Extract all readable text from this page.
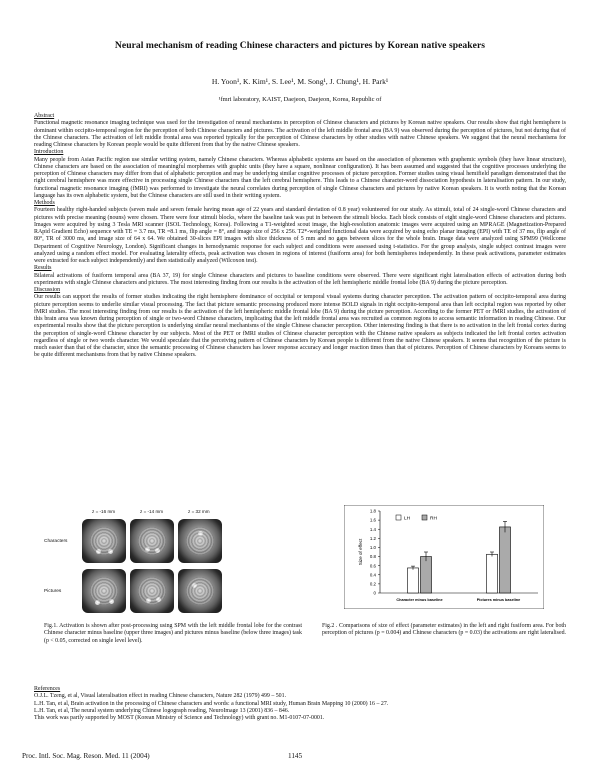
Neural mechanism of reading Chinese characters and pictures by Korean native speakers
H. Yoon¹, K. Kim¹, S. Lee¹, M. Song¹, J. Chung¹, H. Park¹
¹fmri laboratory, KAIST, Daejeon, Daejeon, Korea, Republic of
Abstract
Functional magnetic resonance imaging technique was used for the investigation of neural mechanisms in perception of Chinese characters and pictures by Korean native speakers. Our results show that right hemisphere is dominant within occipito-temporal region for the perception of both Chinese characters and pictures. The activation of the left middle frontal area (BA 9) was observed during the perception of pictures, but not during that of the Chinese characters. The activation of left middle frontal area was reported typically for the perception of Chinese characters by other studies with native Chinese speakers. We suggest that the neural mechanisms for reading Chinese characters by Korean people would be quite different from that by the native Chinese speakers.
Introduction
Many people from Asian Pacific region use similar writing system, namely Chinese characters. Whereas alphabetic systems are based on the association of phonemes with graphemic symbols (they have linear structure), Chinese characters are based on the association of meaningful morphemes with graphic units (they have a square, nonlinear configuration). It has been assumed and suggested that the cognitive processes underlying the perception of Chinese characters may differ from that of alphabetic perception and may be underlying similar cognitive processes of picture perception. Former studies using visual hemifield paradigm demonstrated that the right cerebral hemisphere was more effective in processing single Chinese characters than the left cerebral hemisphere. This leads to a Chinese character-word dissociation hypothesis in lateralisation pattern. In our study, functional magnetic resonance imaging (fMRI) was performed to investigate the neural correlates during perception of single Chinese characters and pictures by native Korean speakers. It is worth noting that the Korean language has its own alphabetic system, but the Chinese characters are still used in their writing system.
Methods
Fourteen healthy right-handed subjects (seven male and seven female having mean age of 22 years and standard deviation of 0.8 year) volunteered for our study. As stimuli, total of 24 single-word Chinese characters and pictures with precise meaning (nouns) were chosen. There were four stimuli blocks, where the baseline task was put in between the stimuli blocks. Each block consists of eight single-word Chinese characters and pictures. Images were acquired by using 3 Tesla MRI scanner (ISOL Technology, Korea). Following a T1-weighted scout image, the high-resolution anatomic images were acquired using an MPRAGE (Magnetization-Prepared RApid Gradient Echo) sequence with TE = 3.7 ms, TR =8.1 ms, flip angle = 8°, and image size of 256 x 256. T2*-weighted functional data were acquired by using echo planar imaging (EPI) with TE of 37 ms, flip angle of 80°, TR of 3000 ms, and image size of 64 x 64. We obtained 30-slices EPI images with slice thickness of 5 mm and no gaps between slices for the whole brain. Image data were analyzed using SPM99 (Wellcome Department of Cognitive Neurology, London). Significant changes in hemodynamic response for each subject and conditions were assessed using t-statistics. For the group analysis, single subject contrast images were analyzed using a random effect model. For evaluating laterality effects, peak activation was chosen in regions of interest (fusiform area) for both hemispheres independently. In these peak activations, parameter estimates were extracted for each subject independently) and then statistically analyzed (Wilcoxon test).
Results
Bilateral activations of fusiform temporal area (BA 37, 19) for single Chinese characters and pictures to baseline conditions were observed. There were significant right lateralisation effects of activation during both experiments with single Chinese characters and pictures. The most interesting finding from our results is the activation of the left hemispheric middle frontal lobe (BA 9) during the picture perception.
Discussion
Our results can support the results of former studies indicating the right hemisphere dominance of occipital or temporal visual systems during character perception. The activation pattern of occipito-temporal area during picture perception seems to underlie similar visual processing. The fact that picture semantic processing produced more intense BOLD signals in right occipito-temporal area than left occipital region was reported by other fMRI studies. The most interesting finding from our results is the activation of the left hemispheric middle frontal lobe (BA 9) during the picture perception. According to the former PET or fMRI studies, the activation of this brain area was known during perception of single or two-word Chinese characters, implicating that the left middle frontal area was recruited as common regions to access semantic information in reading Chinese. Our experimental results show that the picture perception is underlying similar neural mechanisms of the single Chinese character perception. Other interesting finding is that there is no activation in the left frontal cortex during the perception of single-word Chinese character by our subjects. Most of the PET or fMRI studies of Chinese character perception with the Chinese native speakers as subjects indicated the left frontal cortex activation regardless of single or two words character. We would speculate that the perceiving pattern of Chinese characters by Korean people is different from the native Chinese speakers. It seems that recognition of the picture is much easier than that of the character, since the semantic processing of Chinese characters has lower response accuracy and longer reaction times than that of pictures. Perception of Chinese characters by Koreans seems to be quite different mechanisms from that by native Chinese speakers.
z = -16 mm	z = -14 mm	z = 32 mm
Characters
Pictures	0
0.2
0.4
0.6
0.8
1.0
1.2
1.4
1.6
1.8
Size of effect
Character minus baseline	Pictures minus baseline
LH	RH
Fig.1. Activation is shown after post-processing using SPM with the left middle frontal lobe for the contrast Chinese character minus baseline (upper three images) and pictures minus baseline (below three images) task (p < 0.05, corrected on single level level).
Fig.2 . Comparisons of size of effect (parameter estimates) in the left and right fusiform area. For both perception of pictures (p = 0.004) and Chinese characters (p = 0.03) the activations are right lateralised.
References
O.J.L. Tzeng, et al, Visual lateralisation effect in reading Chinese characters, Nature 282 (1979) 499 – 501.
L.H. Tan, et al, Brain activation in the processing of Chinese characters and words: a functional MRI study, Human Brain Mapping 10 (2000) 16 – 27.
L.H. Tan, et al, The neural system underlying Chinese logograph reading, NeuroImage 13 (2001) 836 – 846.
This work was partly supported by MOST (Korean Ministry of Science and Technology) with grant no. M1-0107-07-0001.
Proc. Intl. Soc. Mag. Reson. Med. 11 (2004)	1145
